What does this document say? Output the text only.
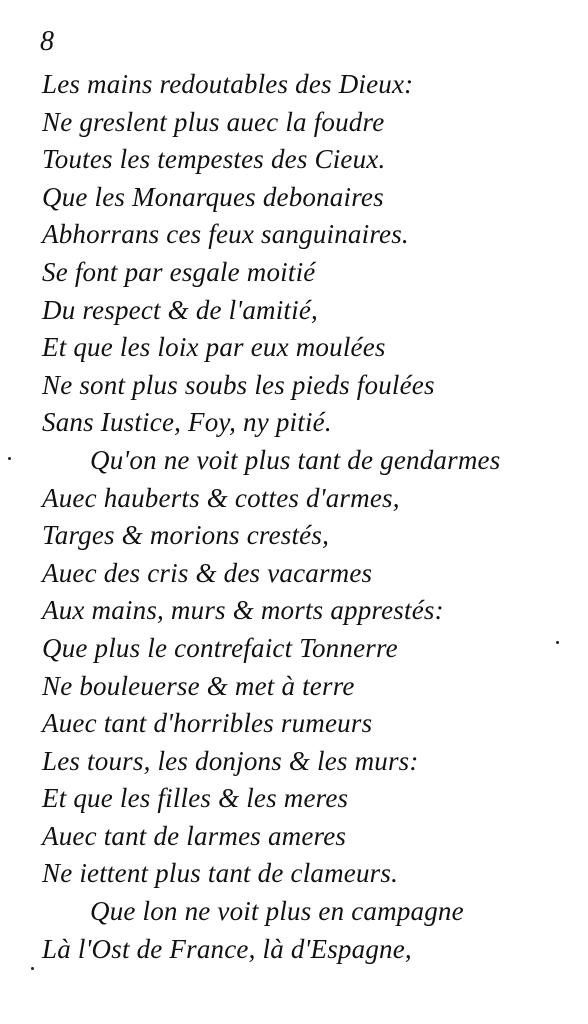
8
Les mains redoutables des Dieux:
Ne greslent plus auec la foudre
Toutes les tempestes des Cieux.
Que les Monarques debonaires
Abhorrans ces feux sanguinaires.
Se font par esgale moitié
Du respect & de l'amitié,
Et que les loix par eux moulées
Ne sont plus soubs les pieds foulées
Sans Iustice, Foy, ny pitié.
Qu'on ne voit plus tant de gendarmes
Auec hauberts & cottes d'armes,
Targes & morions crestés,
Auec des cris & des vacarmes
Aux mains, murs & morts apprestés:
Que plus le contrefaict Tonnerre
Ne bouleuerse & met à terre
Auec tant d'horribles rumeurs
Les tours, les donjons & les murs:
Et que les filles & les meres
Auec tant de larmes ameres
Ne iettent plus tant de clameurs.
Que lon ne voit plus en campagne
Là l'Ost de France, là d'Espagne,
